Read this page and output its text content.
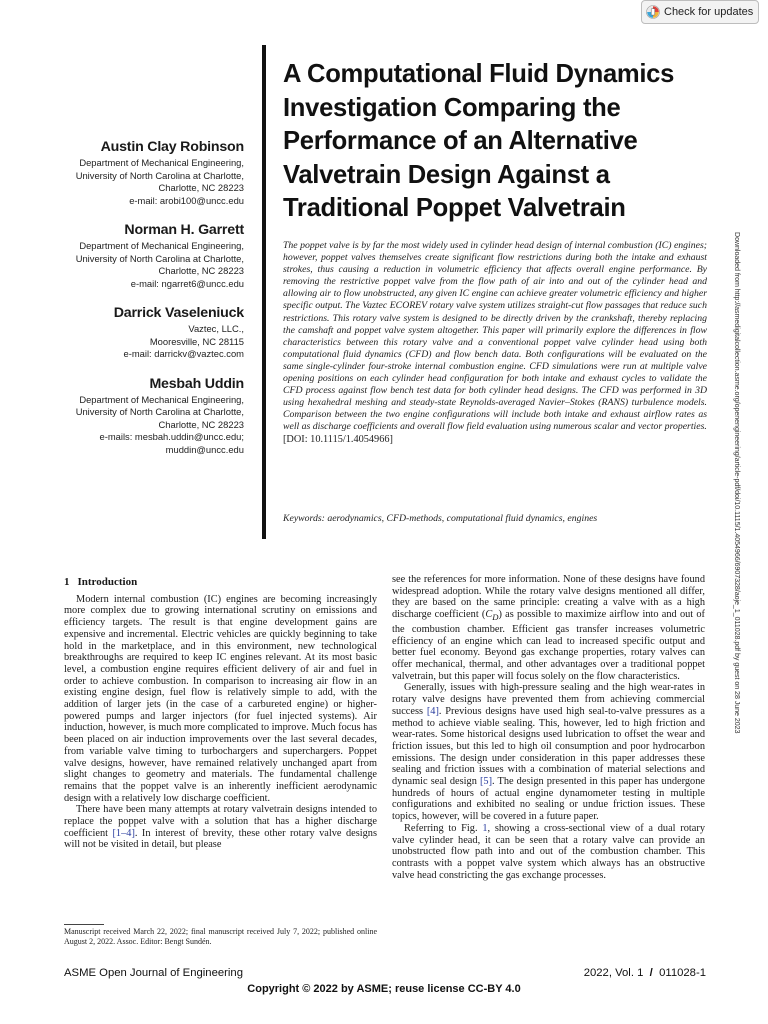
Check for updates
Austin Clay Robinson
Department of Mechanical Engineering,
University of North Carolina at Charlotte,
Charlotte, NC 28223
e-mail: arobi100@uncc.edu
Norman H. Garrett
Department of Mechanical Engineering,
University of North Carolina at Charlotte,
Charlotte, NC 28223
e-mail: ngarret6@uncc.edu
Darrick Vaseleniuck
Vaztec, LLC.,
Mooresville, NC 28115
e-mail: darrickv@vaztec.com
Mesbah Uddin
Department of Mechanical Engineering,
University of North Carolina at Charlotte,
Charlotte, NC 28223
e-mails: mesbah.uddin@uncc.edu;
muddin@uncc.edu
A Computational Fluid Dynamics Investigation Comparing the Performance of an Alternative Valvetrain Design Against a Traditional Poppet Valvetrain

The poppet valve is by far the most widely used in cylinder head design of internal combustion (IC) engines; however, poppet valves themselves create significant flow restrictions during both the intake and exhaust strokes, thus causing a reduction in volumetric efficiency that affects overall engine performance. By removing the restrictive poppet valve from the flow path of air into and out of the cylinder head and allowing air to flow unobstructed, any given IC engine can achieve greater volumetric efficiency and higher specific output. The Vaztec ECOREV rotary valve system utilizes straight-cut flow passages that reduce such restrictions. This rotary valve system is designed to be directly driven by the crankshaft, thereby replacing the camshaft and poppet valve system altogether. This paper will primarily explore the differences in flow characteristics between this rotary valve and a conventional poppet valve cylinder head using both computational fluid dynamics (CFD) and flow bench data. Both configurations will be evaluated on the same single-cylinder four-stroke internal combustion engine. CFD simulations were run at multiple valve opening positions on each cylinder head configuration for both intake and exhaust cycles to validate the CFD process against flow bench test data for both cylinder head designs. The CFD was performed in 3D using hexahedral meshing and steady-state Reynolds-averaged Navier–Stokes (RANS) turbulence models. Comparison between the two engine configurations will include both intake and exhaust airflow rates as well as discharge coefficients and overall flow field evaluation using numerous scalar and vector properties.
[DOI: 10.1115/1.4054966]

Keywords: aerodynamics, CFD-methods, computational fluid dynamics, engines	Downloaded from http://asmedigitalcollection.asme.org/openengineering/article-pdf/doi/10.1115/1.4054966/6907328/aoje_1_011028.pdf by guest on 28 June 2023
1 Introduction

Modern internal combustion (IC) engines are becoming increasingly more complex due to growing international scrutiny on emissions and efficiency targets. The result is that engine development gains are expensive and incremental. Electric vehicles are quickly beginning to take hold in the marketplace, and in this environment, new technological breakthroughs are required to keep IC engines relevant. At its most basic level, a combustion engine requires efficient delivery of air and fuel in order to achieve combustion. In comparison to increasing air flow in an existing engine design, fuel flow is relatively simple to add, with the addition of larger jets (in the case of a carbureted engine) or higher-powered pumps and larger injectors (for fuel injected systems). Air induction, however, is much more complicated to improve. Much focus has been placed on air induction improvements over the last several decades, from variable valve timing to turbochargers and superchargers. Poppet valve designs, however, have remained relatively unchanged apart from slight changes to geometry and materials. The fundamental challenge remains that the poppet valve is an inherently inefficient aerodynamic design with a relatively low discharge coefficient.

There have been many attempts at rotary valvetrain designs intended to replace the poppet valve with a solution that has a higher discharge coefficient [1–4]. In interest of brevity, these other rotary valve designs will not be visited in detail, but please

see the references for more information. None of these designs have found widespread adoption. While the rotary valve designs mentioned all differ, they are based on the same principle: creating a valve with as a high discharge coefficient $(C_D)$ as possible to maximize airflow into and out of the combustion chamber. Efficient gas transfer increases volumetric efficiency of an engine which can lead to increased specific output and better fuel economy. Beyond gas exchange properties, rotary valves can offer mechanical, thermal, and other advantages over a traditional poppet valvetrain, but this paper will focus solely on the flow characteristics.

Generally, issues with high-pressure sealing and the high wear-rates in rotary valve designs have prevented them from achieving commercial success [4]. Previous designs have used high seal-to-valve pressures as a method to achieve viable sealing. This, however, led to high friction and wear-rates. Some historical designs used lubrication to offset the wear and friction issues, but this led to high oil consumption and poor hydrocarbon emissions. The design under consideration in this paper addresses these sealing and friction issues with a combination of material selections and dynamic seal design [5]. The design presented in this paper has undergone hundreds of hours of actual engine dynamometer testing in multiple configurations and exhibited no sealing or undue friction issues. These topics, however, will be covered in a future paper.

Referring to Fig. 1, showing a cross-sectional view of a dual rotary valve cylinder head, it can be seen that a rotary valve can provide an unobstructed flow path into and out of the combustion chamber. This contrasts with a poppet valve system which always has an obstructive valve head constricting the gas exchange processes.

Manuscript received March 22, 2022; final manuscript received July 7, 2022; published online August 2, 2022. Assoc. Editor: Bengt Sundén.
ASME Open Journal of Engineering	2022, Vol. 1 / 011028-1
Copyright © 2022 by ASME; reuse license CC-BY 4.0
